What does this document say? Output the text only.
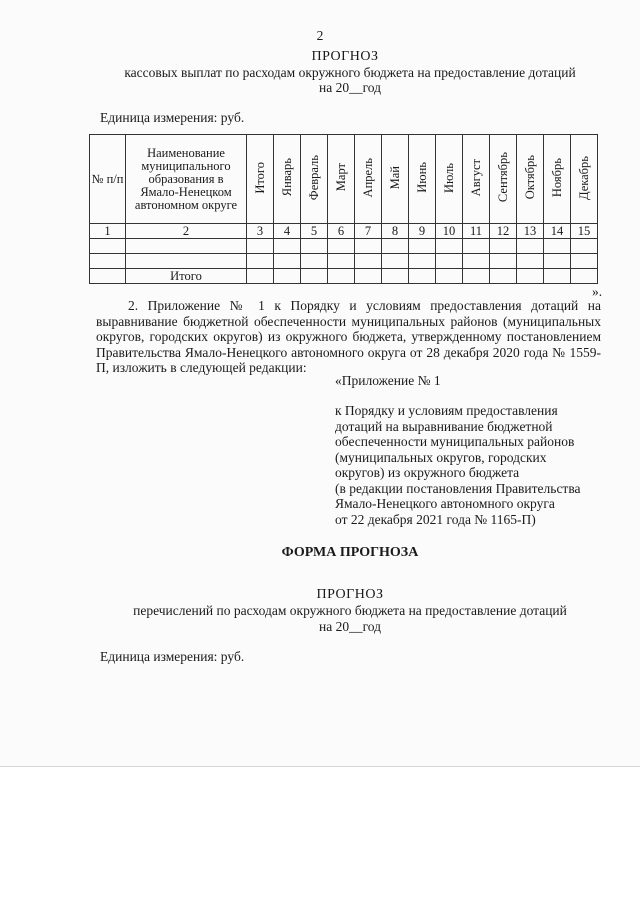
2
ПРОГНОЗ
кассовых выплат по расходам окружного бюджета на предоставление дотаций
на 20__год
Единица измерения: руб.
№ п/п	Наименование муниципального образования в Ямало-Ненецком автономном округе	Итого	Январь	Февраль	Март	Апрель	Май	Июнь	Июль	Август	Сентябрь	Октябрь	Ноябрь	Декабрь
1	2	3	4	5	6	7	8	9	10	11	12	13	14	15

	Итого													
».
2. Приложение № 1 к Порядку и условиям предоставления дотаций на выравнивание бюджетной обеспеченности муниципальных районов (муниципальных округов, городских округов) из окружного бюджета, утвержденному постановлением Правительства Ямало-Ненецкого автономного округа от 28 декабря 2020 года № 1559-П, изложить в следующей редакции:
«Приложение № 1
к Порядку и условиям предоставления
дотаций на выравнивание бюджетной
обеспеченности муниципальных районов
(муниципальных округов, городских
округов) из окружного бюджета
(в редакции постановления Правительства
Ямало-Ненецкого автономного округа
от 22 декабря 2021 года № 1165-П)
ФОРМА ПРОГНОЗА
ПРОГНОЗ
перечислений по расходам окружного бюджета на предоставление дотаций
на 20__год
Единица измерения: руб.
